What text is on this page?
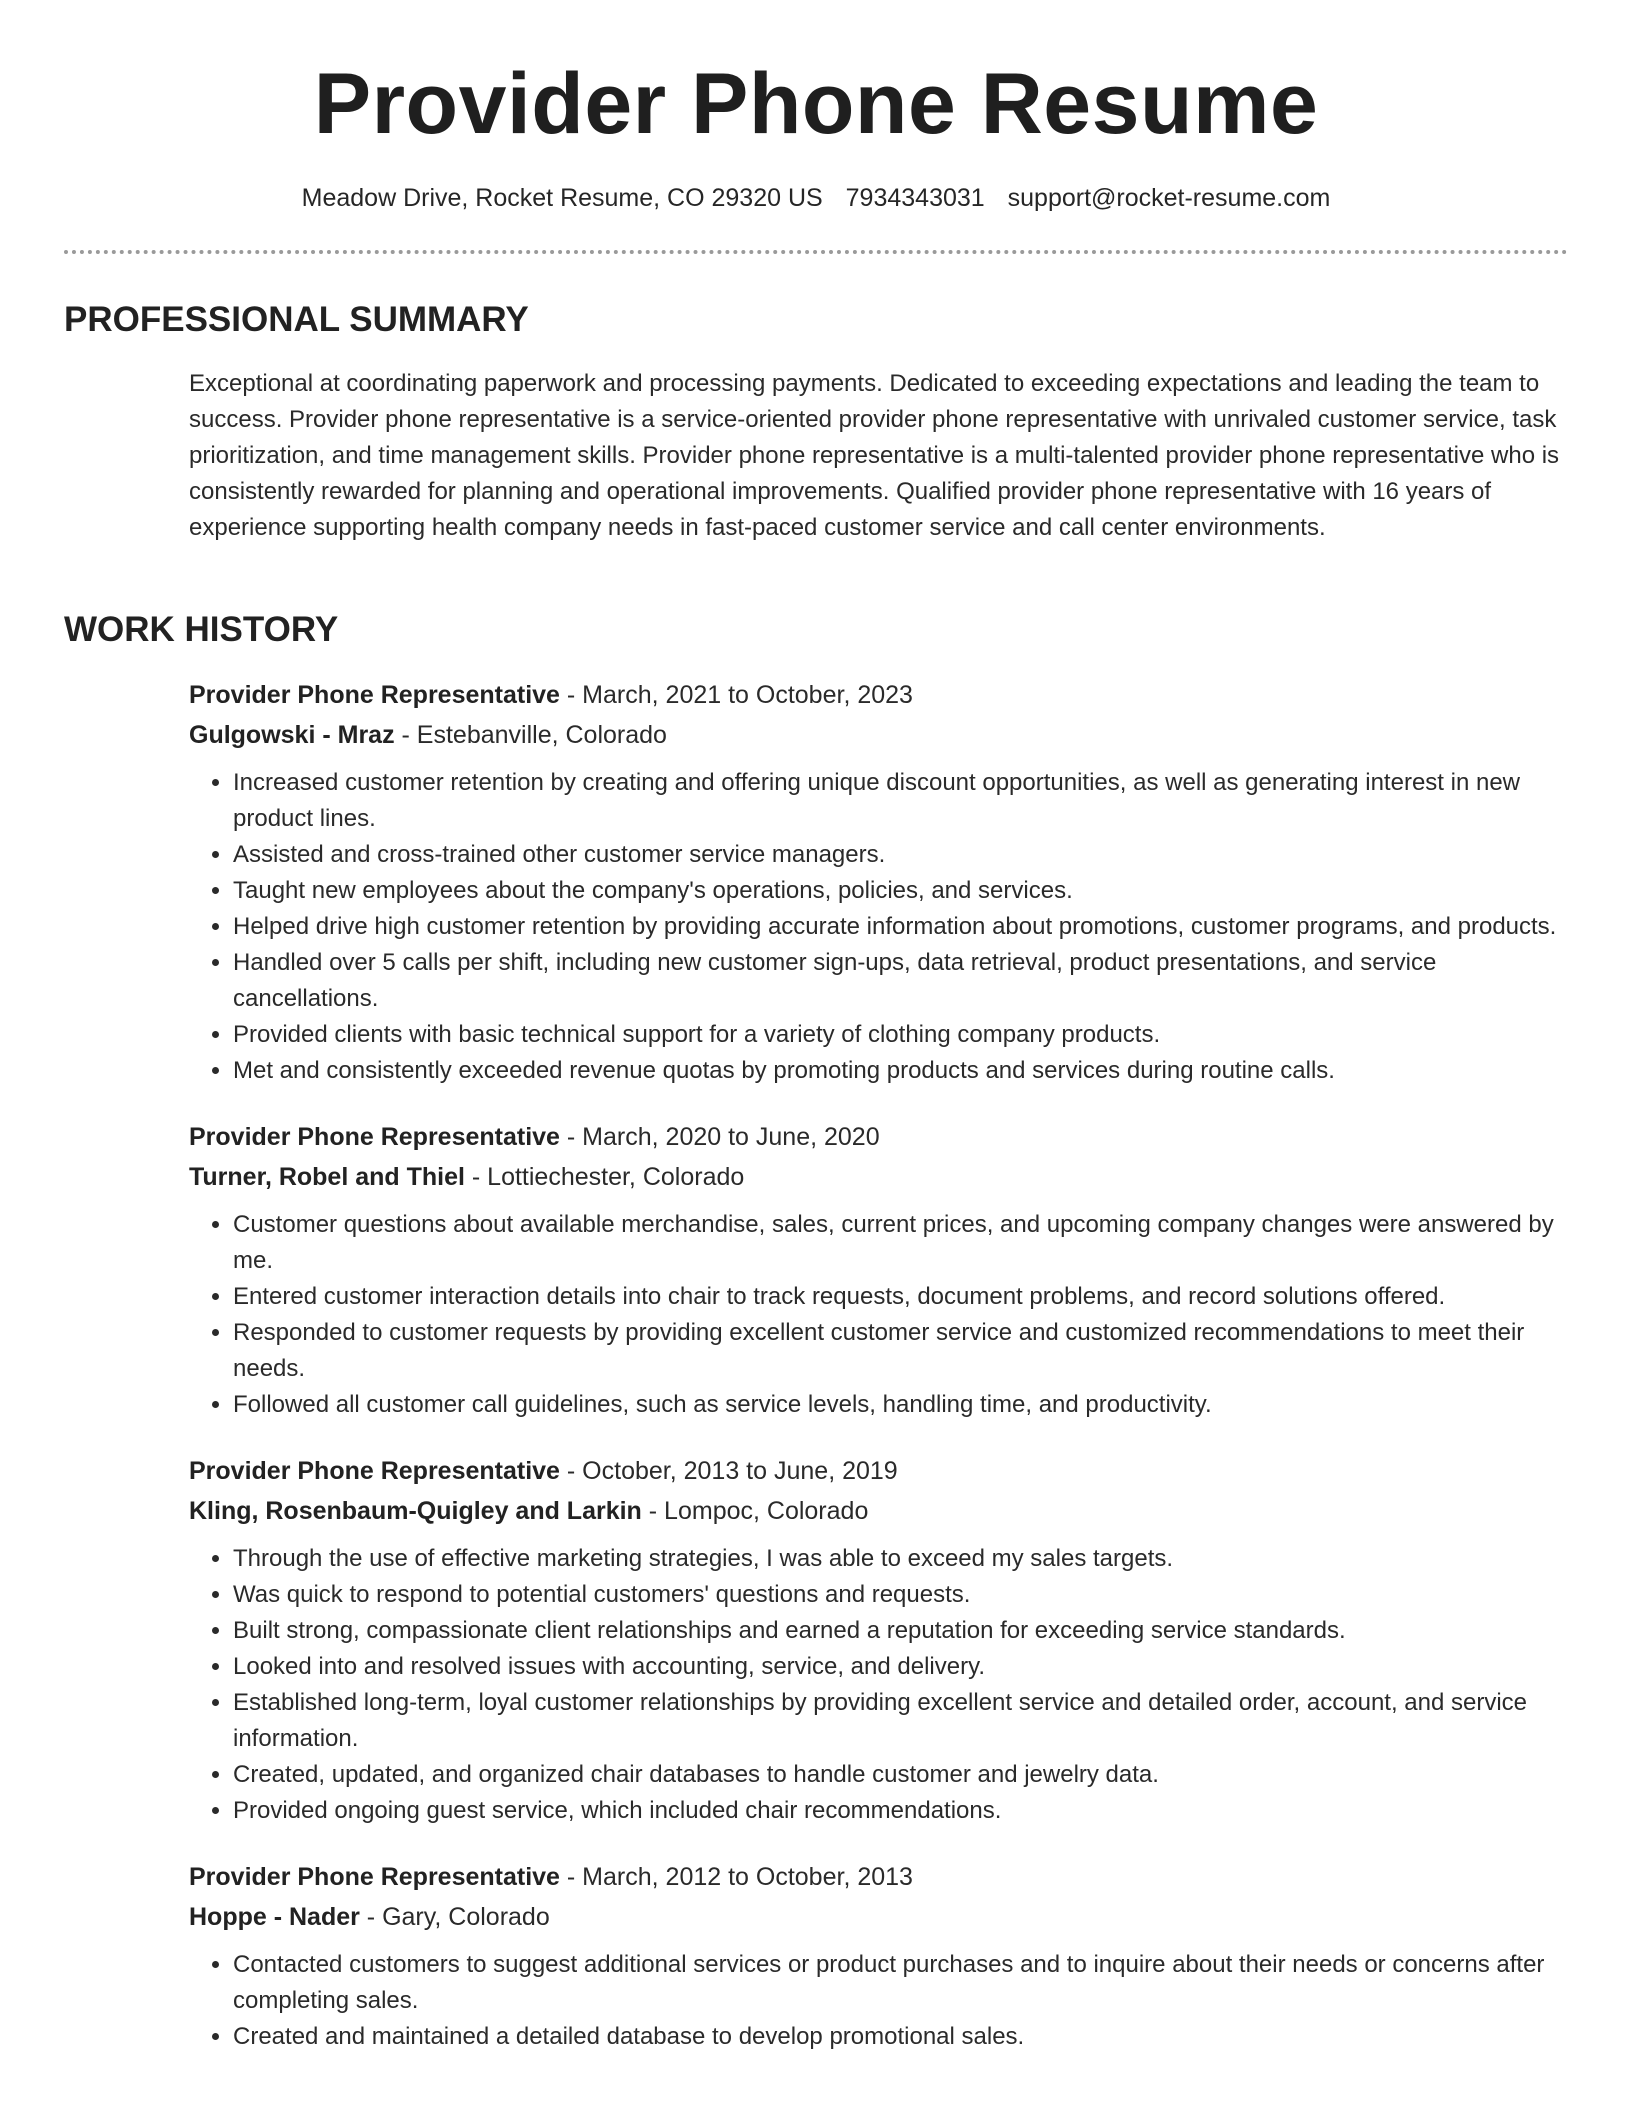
Provider Phone Resume
Meadow Drive, Rocket Resume, CO 29320 US 7934343031 support@rocket-resume.com
PROFESSIONAL SUMMARY

Exceptional at coordinating paperwork and processing payments. Dedicated to exceeding expectations and leading the team to success. Provider phone representative is a service-oriented provider phone representative with unrivaled customer service, task prioritization, and time management skills. Provider phone representative is a multi-talented provider phone representative who is consistently rewarded for planning and operational improvements. Qualified provider phone representative with 16 years of experience supporting health company needs in fast-paced customer service and call center environments.

WORK HISTORY
Provider Phone Representative - March, 2021 to October, 2023
Gulgowski - Mraz - Estebanville, Colorado
• Increased customer retention by creating and offering unique discount opportunities, as well as generating interest in new product lines.
• Assisted and cross-trained other customer service managers.
• Taught new employees about the company's operations, policies, and services.
• Helped drive high customer retention by providing accurate information about promotions, customer programs, and products.
• Handled over 5 calls per shift, including new customer sign-ups, data retrieval, product presentations, and service cancellations.
• Provided clients with basic technical support for a variety of clothing company products.
• Met and consistently exceeded revenue quotas by promoting products and services during routine calls.
Provider Phone Representative - March, 2020 to June, 2020
Turner, Robel and Thiel - Lottiechester, Colorado
• Customer questions about available merchandise, sales, current prices, and upcoming company changes were answered by me.
• Entered customer interaction details into chair to track requests, document problems, and record solutions offered.
• Responded to customer requests by providing excellent customer service and customized recommendations to meet their needs.
• Followed all customer call guidelines, such as service levels, handling time, and productivity.
Provider Phone Representative - October, 2013 to June, 2019
Kling, Rosenbaum-Quigley and Larkin - Lompoc, Colorado
• Through the use of effective marketing strategies, I was able to exceed my sales targets.
• Was quick to respond to potential customers' questions and requests.
• Built strong, compassionate client relationships and earned a reputation for exceeding service standards.
• Looked into and resolved issues with accounting, service, and delivery.
• Established long-term, loyal customer relationships by providing excellent service and detailed order, account, and service information.
• Created, updated, and organized chair databases to handle customer and jewelry data.
• Provided ongoing guest service, which included chair recommendations.
Provider Phone Representative - March, 2012 to October, 2013
Hoppe - Nader - Gary, Colorado
• Contacted customers to suggest additional services or product purchases and to inquire about their needs or concerns after completing sales.
• Created and maintained a detailed database to develop promotional sales.
